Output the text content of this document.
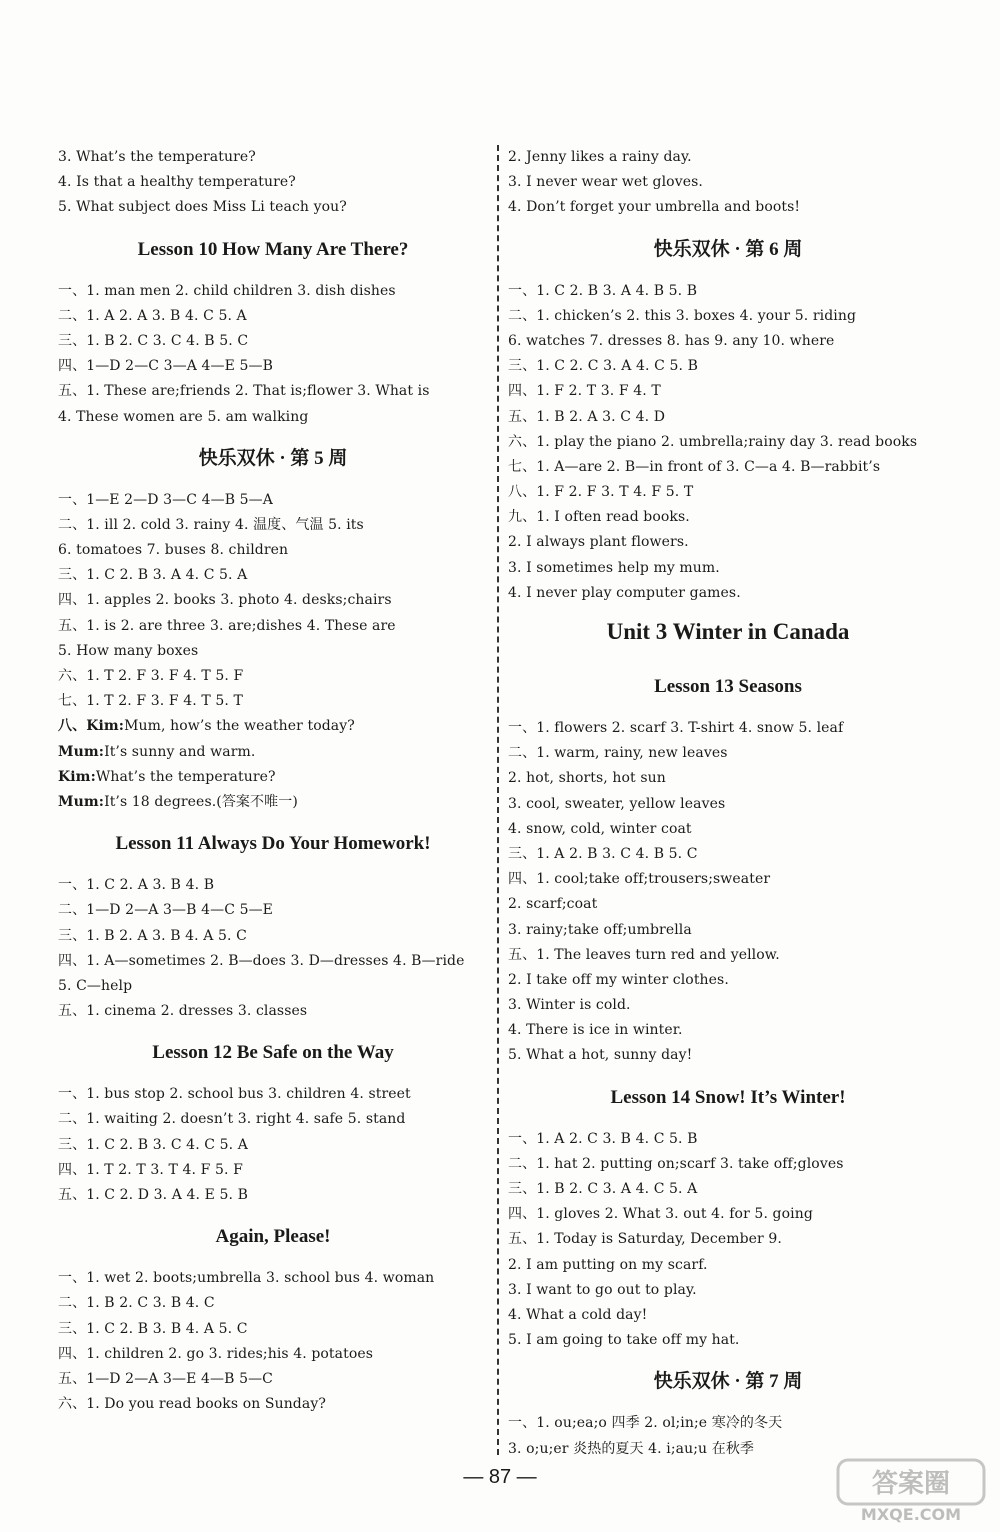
3. What’s the temperature?
4. Is that a healthy temperature?
5. What subject does Miss Li teach you?
Lesson 10 How Many Are There?
一、1. man men 2. child children 3. dish dishes
二、1. A 2. A 3. B 4. C 5. A
三、1. B 2. C 3. C 4. B 5. C
四、1—D 2—C 3—A 4—E 5—B
五、1. These are;friends 2. That is;flower 3. What is
4. These women are 5. am walking
快乐双休 · 第 5 周
一、1—E 2—D 3—C 4—B 5—A
二、1. ill 2. cold 3. rainy 4. 温度、气温 5. its
6. tomatoes 7. buses 8. children
三、1. C 2. B 3. A 4. C 5. A
四、1. apples 2. books 3. photo 4. desks;chairs
五、1. is 2. are three 3. are;dishes 4. These are
5. How many boxes
六、1. T 2. F 3. F 4. T 5. F
七、1. T 2. F 3. F 4. T 5. T
八、Kim:Mum, how’s the weather today?
Mum:It’s sunny and warm.
Kim:What’s the temperature?
Mum:It’s 18 degrees.(答案不唯一)
Lesson 11 Always Do Your Homework!
一、1. C 2. A 3. B 4. B
二、1—D 2—A 3—B 4—C 5—E
三、1. B 2. A 3. B 4. A 5. C
四、1. A—sometimes 2. B—does 3. D—dresses 4. B—ride
5. C—help
五、1. cinema 2. dresses 3. classes
Lesson 12 Be Safe on the Way
一、1. bus stop 2. school bus 3. children 4. street
二、1. waiting 2. doesn’t 3. right 4. safe 5. stand
三、1. C 2. B 3. C 4. C 5. A
四、1. T 2. T 3. T 4. F 5. F
五、1. C 2. D 3. A 4. E 5. B
Again, Please!
一、1. wet 2. boots;umbrella 3. school bus 4. woman
二、1. B 2. C 3. B 4. C
三、1. C 2. B 3. B 4. A 5. C
四、1. children 2. go 3. rides;his 4. potatoes
五、1—D 2—A 3—E 4—B 5—C
六、1. Do you read books on Sunday?
2. Jenny likes a rainy day.
3. I never wear wet gloves.
4. Don’t forget your umbrella and boots!
快乐双休 · 第 6 周
一、1. C 2. B 3. A 4. B 5. B
二、1. chicken’s 2. this 3. boxes 4. your 5. riding
6. watches 7. dresses 8. has 9. any 10. where
三、1. C 2. C 3. A 4. C 5. B
四、1. F 2. T 3. F 4. T
五、1. B 2. A 3. C 4. D
六、1. play the piano 2. umbrella;rainy day 3. read books
七、1. A—are 2. B—in front of 3. C—a 4. B—rabbit’s
八、1. F 2. F 3. T 4. F 5. T
九、1. I often read books.
2. I always plant flowers.
3. I sometimes help my mum.
4. I never play computer games.
Unit 3 Winter in Canada
Lesson 13 Seasons
一、1. flowers 2. scarf 3. T-shirt 4. snow 5. leaf
二、1. warm, rainy, new leaves
2. hot, shorts, hot sun
3. cool, sweater, yellow leaves
4. snow, cold, winter coat
三、1. A 2. B 3. C 4. B 5. C
四、1. cool;take off;trousers;sweater
2. scarf;coat
3. rainy;take off;umbrella
五、1. The leaves turn red and yellow.
2. I take off my winter clothes.
3. Winter is cold.
4. There is ice in winter.
5. What a hot, sunny day!
Lesson 14 Snow! It’s Winter!
一、1. A 2. C 3. B 4. C 5. B
二、1. hat 2. putting on;scarf 3. take off;gloves
三、1. B 2. C 3. A 4. C 5. A
四、1. gloves 2. What 3. out 4. for 5. going
五、1. Today is Saturday, December 9.
2. I am putting on my scarf.
3. I want to go out to play.
4. What a cold day!
5. I am going to take off my hat.
快乐双休 · 第 7 周
一、1. ou;ea;o 四季 2. ol;in;e 寒冷的冬天
3. o;u;er 炎热的夏天 4. i;au;u 在秋季
— 87 —	答案圈
MXQE.COM
